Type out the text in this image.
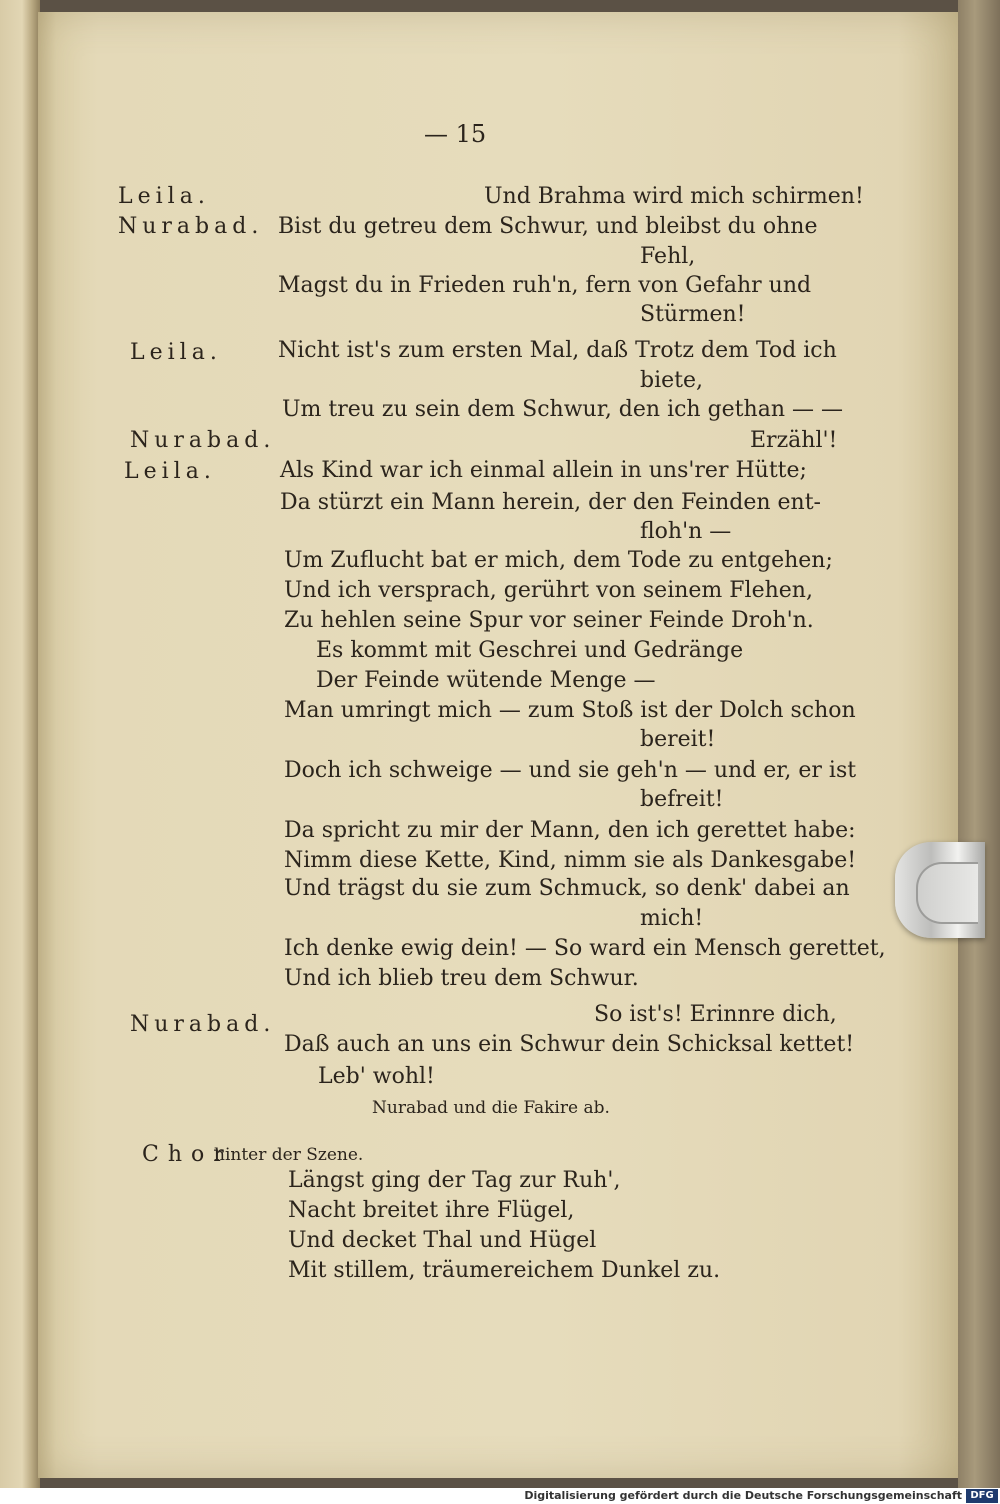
— 15
Leila.	Und Brahma wird mich schirmen!
Nurabad. Bist du getreu dem Schwur, und bleibst du ohne
Fehl,
Magst du in Frieden ruh'n, fern von Gefahr und
Stürmen!
Leila.	Nicht ist's zum ersten Mal, daß Trotz dem Tod ich
biete,
Um treu zu sein dem Schwur, den ich gethan — —
Nurabad.	Erzähl'!
Leila.	Als Kind war ich einmal allein in uns'rer Hütte;
Da stürzt ein Mann herein, der den Feinden ent-
floh'n —
Um Zuflucht bat er mich, dem Tode zu entgehen;
Und ich versprach, gerührt von seinem Flehen,
Zu hehlen seine Spur vor seiner Feinde Droh'n.
Es kommt mit Geschrei und Gedränge
Der Feinde wütende Menge —
Man umringt mich — zum Stoß ist der Dolch schon
bereit!
Doch ich schweige — und sie geh'n — und er, er ist
befreit!
Da spricht zu mir der Mann, den ich gerettet habe:
Nimm diese Kette, Kind, nimm sie als Dankesgabe!
Und trägst du sie zum Schmuck, so denk' dabei an
mich!
Ich denke ewig dein! — So ward ein Mensch gerettet,
Und ich blieb treu dem Schwur.
So ist's! Erinnre dich,
Nurabad.
Daß auch an uns ein Schwur dein Schicksal kettet!
Leb' wohl!
Nurabad und die Fakire ab.
Chor
hinter der Szene.
Längst ging der Tag zur Ruh',
Nacht breitet ihre Flügel,
Und decket Thal und Hügel
Mit stillem, träumereichem Dunkel zu.
Digitalisierung gefördert durch die Deutsche Forschungsgemeinschaft DFG
